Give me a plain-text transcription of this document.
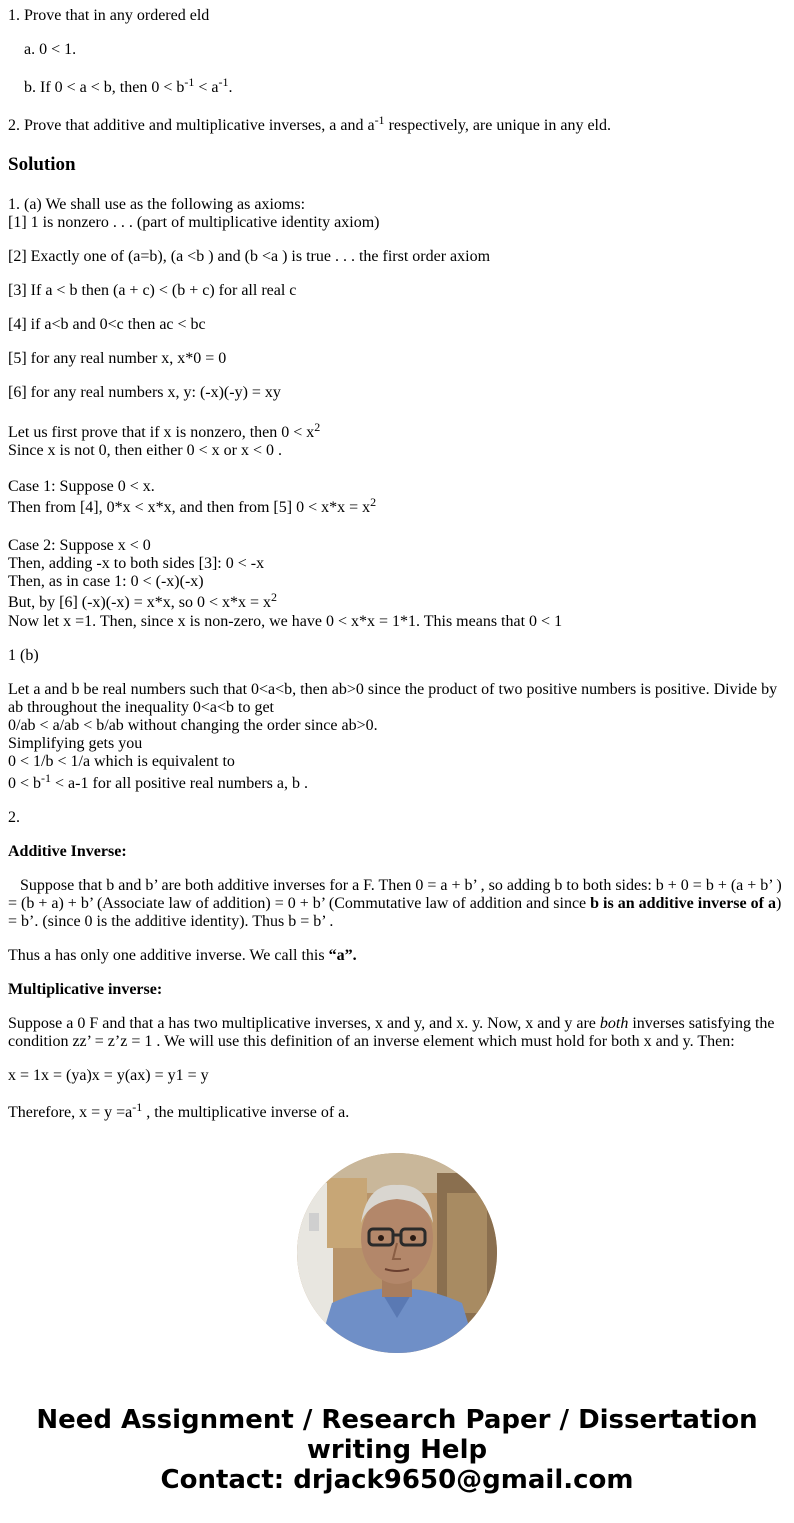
1. Prove that in any ordered eld
a. 0 < 1.
b. If 0 < a < b, then $0 < b^{-1} < a^{-1}$.
2. Prove that additive and multiplicative inverses, a and $a^{-1}$ respectively, are unique in any eld.
Solution
1. (a) We shall use as the following as axioms:
[1] 1 is nonzero . . . (part of multiplicative identity axiom)
[2] Exactly one of (a=b), (a <b ) and (b <a ) is true . . . the first order axiom
[3] If a < b then (a + c) < (b + c) for all real c
[4] if a<b and 0<c then ac < bc
[5] for any real number x, x*0 = 0
[6] for any real numbers x, y: (-x)(-y) = xy
Let us first prove that if x is nonzero, then $0 < x^2$
Since x is not 0, then either 0 < x or x < 0 .
Case 1: Suppose 0 < x.
Then from [4], 0*x < x*x, and then from [5] $0 < x*x = x^2$
Case 2: Suppose x < 0
Then, adding -x to both sides [3]: 0 < -x
Then, as in case 1: 0 < (-x)(-x)
But, by [6] (-x)(-x) = x*x, so $0 < x*x = x^2$
Now let x =1. Then, since x is non-zero, we have 0 < x*x = 1*1. This means that 0 < 1
1 (b)
Let a and b be real numbers such that 0<a<b, then ab>0 since the product of two positive numbers is positive. Divide by ab throughout the inequality 0<a<b to get
0/ab < a/ab < b/ab without changing the order since ab>0.
Simplifying gets you
0 < 1/b < 1/a which is equivalent to
$0 < b^{-1} < a-1$ for all positive real numbers a, b .
2.
Additive Inverse:
Suppose that b and b’ are both additive inverses for a F. Then 0 = a + b’ , so adding b to both sides: b + 0 = b + (a + b’ ) = (b + a) + b’ (Associate law of addition) = 0 + b’ (Commutative law of addition and since b is an additive inverse of a) = b’. (since 0 is the additive identity). Thus b = b’ .
Thus a has only one additive inverse. We call this “a”.
Multiplicative inverse:
Suppose a 0 F and that a has two multiplicative inverses, x and y, and x. y. Now, x and y are both inverses satisfying the condition zz’ = z’z = 1 . We will use this definition of an inverse element which must hold for both x and y. Then:
x = 1x = (ya)x = y(ax) = y1 = y
Therefore, $x = y =a^{-1}$ , the multiplicative inverse of a.
Need Assignment / Research Paper / Dissertation
writing Help
Contact: drjack9650@gmail.com
